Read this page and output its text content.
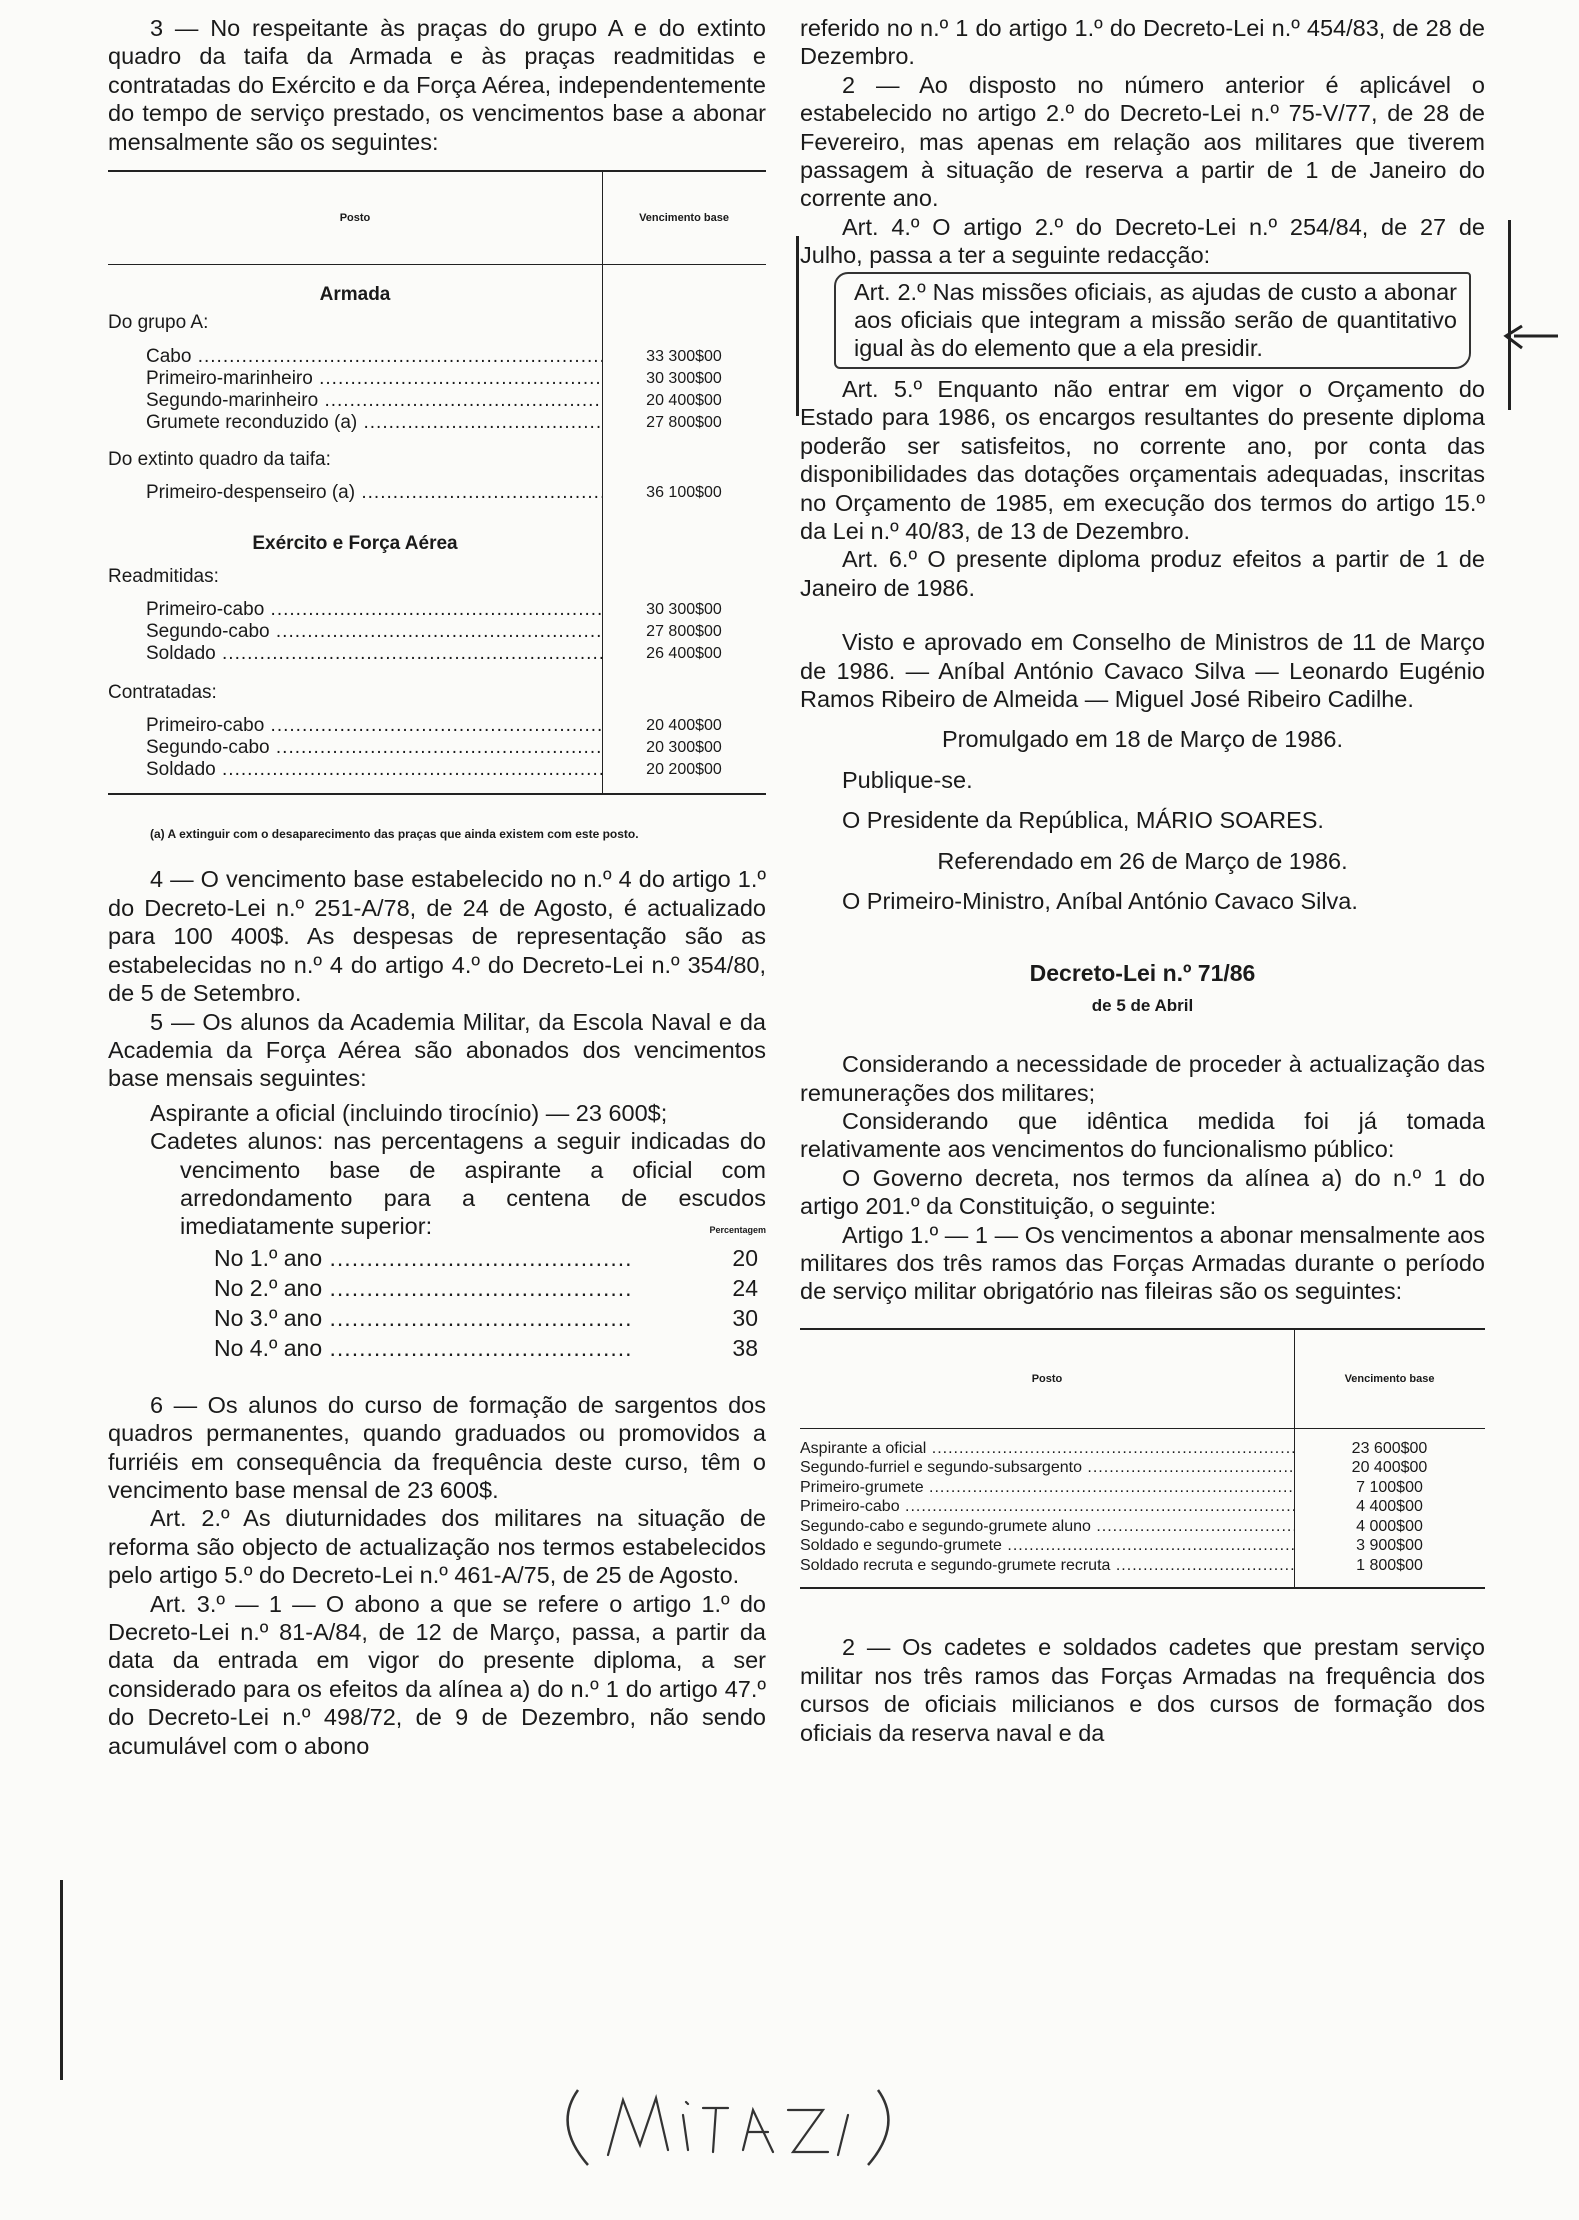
3 — No respeitante às praças do grupo A e do extinto quadro da taifa da Armada e às praças readmitidas e contratadas do Exército e da Força Aérea, independentemente do tempo de serviço prestado, os vencimentos base a abonar mensalmente são os seguintes:

Posto	Vencimento base
Armada
Do grupo A:
Cabo .....	33 300$00
Primeiro-marinheiro .....	30 300$00
Segundo-marinheiro .....	20 400$00
Grumete reconduzido (a) .....	27 800$00
Do extinto quadro da taifa:
Primeiro-despenseiro (a) .....	36 100$00
Exército e Força Aérea
Readmitidas:
Primeiro-cabo .....	30 300$00
Segundo-cabo .....	27 800$00
Soldado .....	26 400$00
Contratadas:
Primeiro-cabo .....	20 400$00
Segundo-cabo .....	20 300$00
Soldado .....	20 200$00

(a) A extinguir com o desaparecimento das praças que ainda existem com este posto.

4 — O vencimento base estabelecido no n.º 4 do artigo 1.º do Decreto-Lei n.º 251-A/78, de 24 de Agosto, é actualizado para 100 400$. As despesas de representação são as estabelecidas no n.º 4 do artigo 4.º do Decreto-Lei n.º 354/80, de 5 de Setembro.

5 — Os alunos da Academia Militar, da Escola Naval e da Academia da Força Aérea são abonados dos vencimentos base mensais seguintes:

Aspirante a oficial (incluindo tirocínio) — 23 600$;

Cadetes alunos: nas percentagens a seguir indicadas do vencimento base de aspirante a oficial com arredondamento para a centena de escudos imediatamente superior:	Percentagem
No 1.º ano .....	20
No 2.º ano .....	24
No 3.º ano .....	30
No 4.º ano .....	38

6 — Os alunos do curso de formação de sargentos dos quadros permanentes, quando graduados ou promovidos a furriéis em consequência da frequência deste curso, têm o vencimento base mensal de 23 600$.

Art. 2.º As diuturnidades dos militares na situação de reforma são objecto de actualização nos termos estabelecidos pelo artigo 5.º do Decreto-Lei n.º 461-A/75, de 25 de Agosto.

Art. 3.º — 1 — O abono a que se refere o artigo 1.º do Decreto-Lei n.º 81-A/84, de 12 de Março, passa, a partir da data da entrada em vigor do presente diploma, a ser considerado para os efeitos da alínea a) do n.º 1 do artigo 47.º do Decreto-Lei n.º 498/72, de 9 de Dezembro, não sendo acumulável com o abono

referido no n.º 1 do artigo 1.º do Decreto-Lei n.º 454/83, de 28 de Dezembro.

2 — Ao disposto no número anterior é aplicável o estabelecido no artigo 2.º do Decreto-Lei n.º 75-V/77, de 28 de Fevereiro, mas apenas em relação aos militares que tiverem passagem à situação de reserva a partir de 1 de Janeiro do corrente ano.

Art. 4.º O artigo 2.º do Decreto-Lei n.º 254/84, de 27 de Julho, passa a ter a seguinte redacção:

Art. 2.º Nas missões oficiais, as ajudas de custo a abonar aos oficiais que integram a missão serão de quantitativo igual às do elemento que a ela presidir.

Art. 5.º Enquanto não entrar em vigor o Orçamento do Estado para 1986, os encargos resultantes do presente diploma poderão ser satisfeitos, no corrente ano, por conta das disponibilidades das dotações orçamentais adequadas, inscritas no Orçamento de 1985, em execução dos termos do artigo 15.º da Lei n.º 40/83, de 13 de Dezembro.

Art. 6.º O presente diploma produz efeitos a partir de 1 de Janeiro de 1986.

Visto e aprovado em Conselho de Ministros de 11 de Março de 1986. — Aníbal António Cavaco Silva — Leonardo Eugénio Ramos Ribeiro de Almeida — Miguel José Ribeiro Cadilhe.

Promulgado em 18 de Março de 1986.

Publique-se.

O Presidente da República, MÁRIO SOARES.

Referendado em 26 de Março de 1986.

O Primeiro-Ministro, Aníbal António Cavaco Silva.

Decreto-Lei n.º 71/86

de 5 de Abril

Considerando a necessidade de proceder à actualização das remunerações dos militares;

Considerando que idêntica medida foi já tomada relativamente aos vencimentos do funcionalismo público:

O Governo decreta, nos termos da alínea a) do n.º 1 do artigo 201.º da Constituição, o seguinte:

Artigo 1.º — 1 — Os vencimentos a abonar mensalmente aos militares dos três ramos das Forças Armadas durante o período de serviço militar obrigatório nas fileiras são os seguintes:

Posto	Vencimento base
Aspirante a oficial .....	23 600$00
Segundo-furriel e segundo-subsargento .....	20 400$00
Primeiro-grumete .....	7 100$00
Primeiro-cabo .....	4 400$00
Segundo-cabo e segundo-grumete aluno .....	4 000$00
Soldado e segundo-grumete .....	3 900$00
Soldado recruta e segundo-grumete recruta .....	1 800$00

2 — Os cadetes e soldados cadetes que prestam serviço militar nos três ramos das Forças Armadas na frequência dos cursos de oficiais milicianos e dos cursos de formação dos oficiais da reserva naval e da
